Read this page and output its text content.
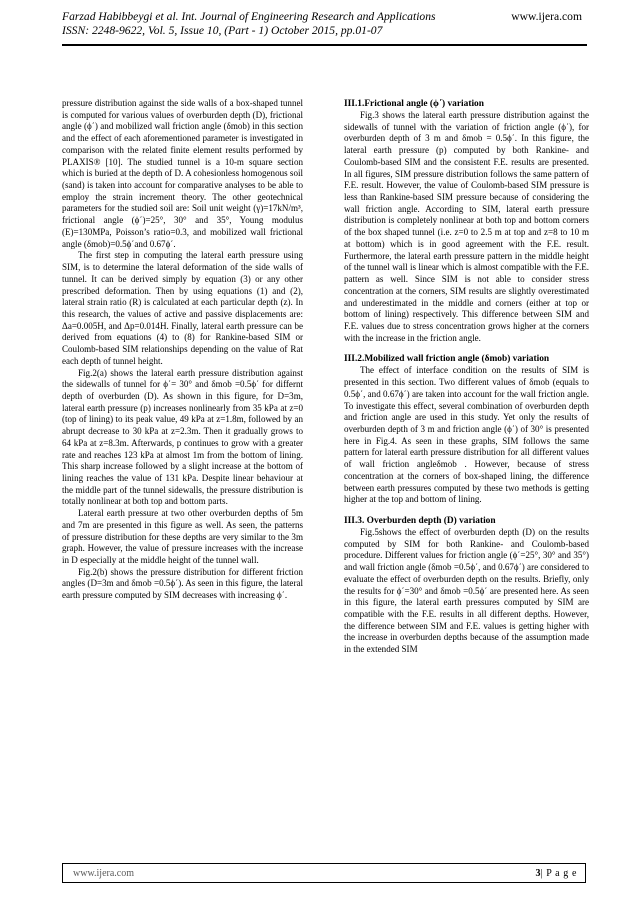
Farzad Habibbeygi et al. Int. Journal of Engineering Research and Applications	www.ijera.com
ISSN: 2248-9622, Vol. 5, Issue 10, (Part - 1) October 2015, pp.01-07

pressure distribution against the side walls of a box-shaped tunnel is computed for various values of overburden depth (D), frictional angle (ϕ΄) and mobilized wall friction angle (δmob) in this section and the effect of each aforementioned parameter is investigated in comparison with the related finite element results performed by PLAXIS® [10]. The studied tunnel is a 10-m square section which is buried at the depth of D. A cohesionless homogenous soil (sand) is taken into account for comparative analyses to be able to employ the strain increment theory. The other geotechnical parameters for the studied soil are: Soil unit weight (γ)=17kN/m³, frictional angle (ϕ΄)=25°, 30° and 35°, Young modulus (E)=130MPa, Poisson’s ratio=0.3, and mobilized wall frictional angle (δmob)=0.5ϕ΄and 0.67ϕ΄.

The first step in computing the lateral earth pressure using SIM, is to determine the lateral deformation of the side walls of tunnel. It can be derived simply by equation (3) or any other prescribed deformation. Then by using equations (1) and (2), lateral strain ratio (R) is calculated at each particular depth (z). In this research, the values of active and passive displacements are: Δa=0.005H, and Δp=0.014H. Finally, lateral earth pressure can be derived from equations (4) to (8) for Rankine-based SIM or Coulomb-based SIM relationships depending on the value of Rat each depth of tunnel height.

Fig.2(a) shows the lateral earth pressure distribution against the sidewalls of tunnel for ϕ΄= 30° and δmob =0.5ϕ΄ for differnt depth of overburden (D). As shown in this figure, for D=3m, lateral earth pressure (p) increases nonlinearly from 35 kPa at z=0 (top of lining) to its peak value, 49 kPa at z=1.8m, followed by an abrupt decrease to 30 kPa at z=2.3m. Then it gradually grows to 64 kPa at z=8.3m. Afterwards, p continues to grow with a greater rate and reaches 123 kPa at almost 1m from the bottom of lining. This sharp increase followed by a slight increase at the bottom of lining reaches the value of 131 kPa. Despite linear behaviour at the middle part of the tunnel sidewalls, the pressure distribution is totally nonlinear at both top and bottom parts.

Lateral earth pressure at two other overburden depths of 5m and 7m are presented in this figure as well. As seen, the patterns of pressure distribution for these depths are very similar to the 3m graph. However, the value of pressure increases with the increase in D especially at the middle height of the tunnel wall.

Fig.2(b) shows the pressure distribution for different friction angles (D=3m and δmob =0.5ϕ΄). As seen in this figure, the lateral earth pressure computed by SIM decreases with increasing ϕ΄.

III.1.Frictional angle (ϕ΄) variation

Fig.3 shows the lateral earth pressure distribution against the sidewalls of tunnel with the variation of friction angle (ϕ΄), for overburden depth of 3 m and δmob = 0.5ϕ΄. In this figure, the lateral earth pressure (p) computed by both Rankine- and Coulomb-based SIM and the consistent F.E. results are presented. In all figures, SIM pressure distribution follows the same pattern of F.E. result. However, the value of Coulomb-based SIM pressure is less than Rankine-based SIM pressure because of considering the wall friction angle. According to SIM, lateral earth pressure distribution is completely nonlinear at both top and bottom corners of the box shaped tunnel (i.e. z=0 to 2.5 m at top and z=8 to 10 m at bottom) which is in good agreement with the F.E. result. Furthermore, the lateral earth pressure pattern in the middle height of the tunnel wall is linear which is almost compatible with the F.E. pattern as well. Since SIM is not able to consider stress concentration at the corners, SIM results are slightly overestimated and underestimated in the middle and corners (either at top or bottom of lining) respectively. This difference between SIM and F.E. values due to stress concentration grows higher at the corners with the increase in the friction angle.

III.2.Mobilized wall friction angle (δmob) variation

The effect of interface condition on the results of SIM is presented in this section. Two different values of δmob (equals to 0.5ϕ΄, and 0.67ϕ΄) are taken into account for the wall friction angle. To investigate this effect, several combination of overburden depth and friction angle are used in this study. Yet only the results of overburden depth of 3 m and friction angle (ϕ΄) of 30° is presented here in Fig.4. As seen in these graphs, SIM follows the same pattern for lateral earth pressure distribution for all different values of wall friction angleδmob . However, because of stress concentration at the corners of box-shaped lining, the difference between earth pressures computed by these two methods is getting higher at the top and bottom of lining.

III.3. Overburden depth (D) variation

Fig.5shows the effect of overburden depth (D) on the results computed by SIM for both Rankine- and Coulomb-based procedure. Different values for friction angle (ϕ΄=25°, 30° and 35°) and wall friction angle (δmob =0.5ϕ΄, and 0.67ϕ΄) are considered to evaluate the effect of overburden depth on the results. Briefly, only the results for ϕ΄=30° and δmob =0.5ϕ΄ are presented here. As seen in this figure, the lateral earth pressures computed by SIM are compatible with the F.E. results in all different depths. However, the difference between SIM and F.E. values is getting higher with the increase in overburden depths because of the assumption made in the extended SIM

www.ijera.com	3| P a g e
